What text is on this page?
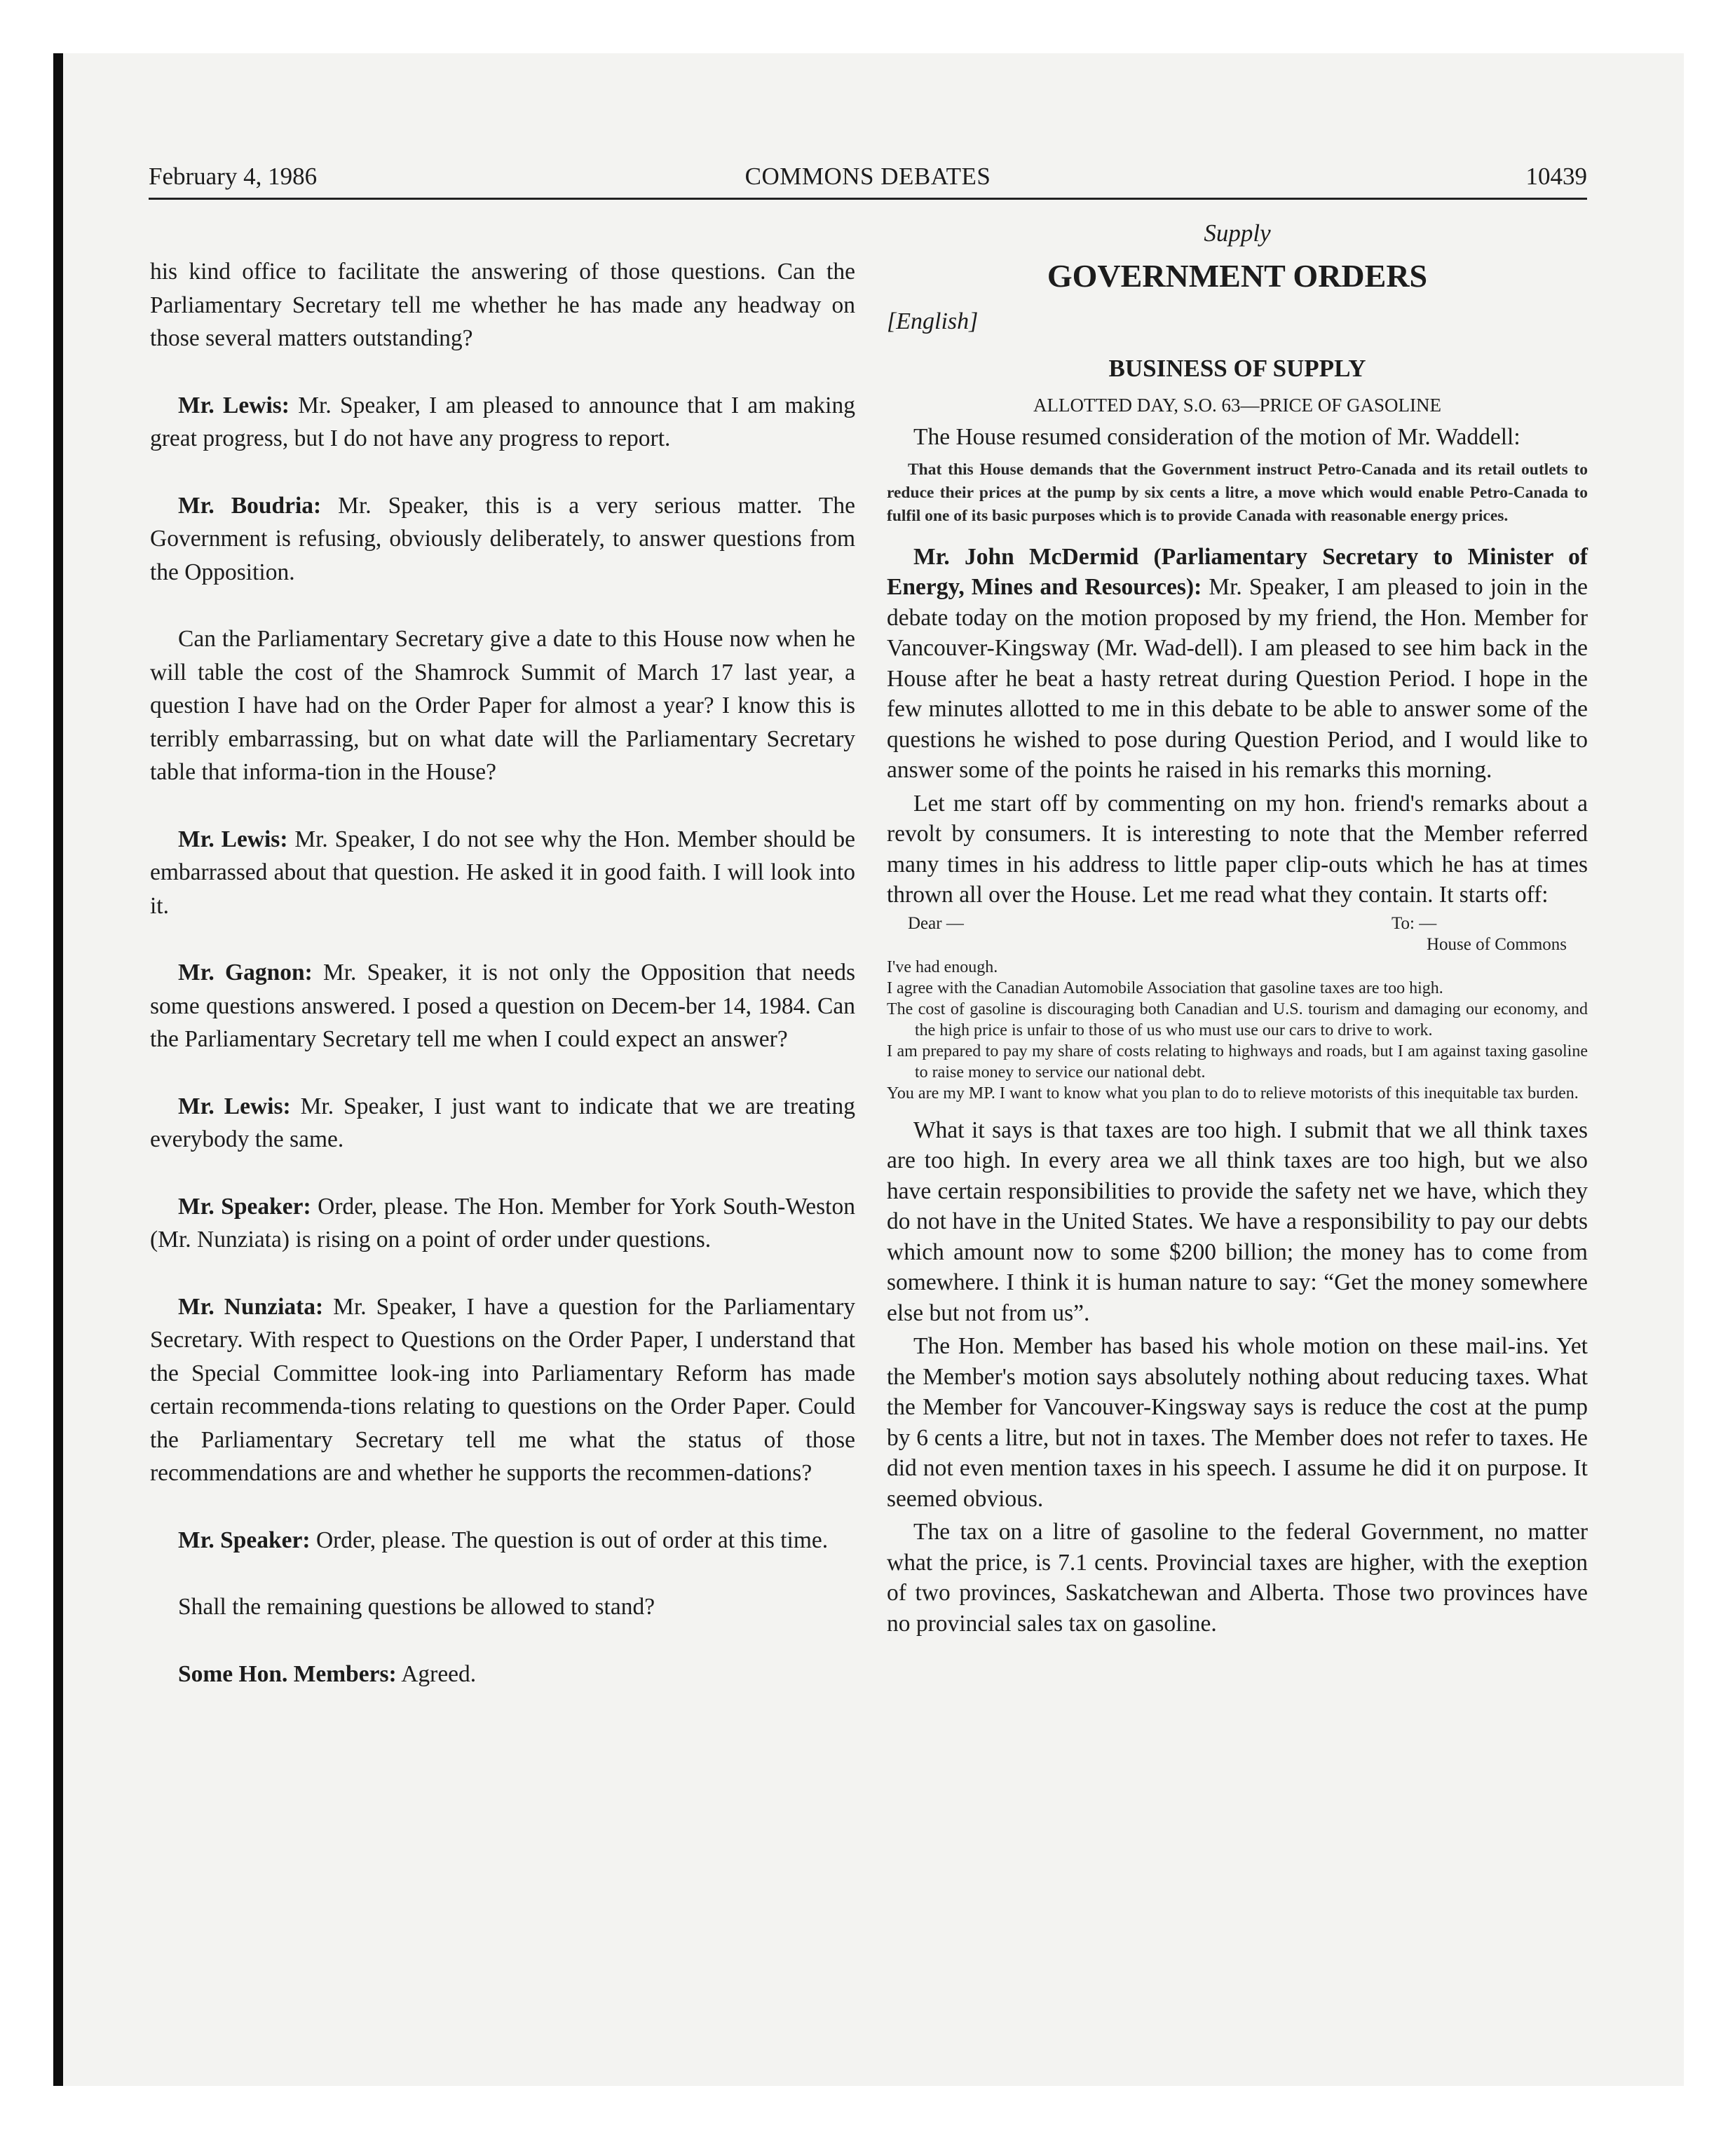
February 4, 1986	COMMONS DEBATES	10439

his kind office to facilitate the answering of those questions. Can the Parliamentary Secretary tell me whether he has made any headway on those several matters outstanding?

Mr. Lewis: Mr. Speaker, I am pleased to announce that I am making great progress, but I do not have any progress to report.

Mr. Boudria: Mr. Speaker, this is a very serious matter. The Government is refusing, obviously deliberately, to answer questions from the Opposition.

Can the Parliamentary Secretary give a date to this House now when he will table the cost of the Shamrock Summit of March 17 last year, a question I have had on the Order Paper for almost a year? I know this is terribly embarrassing, but on what date will the Parliamentary Secretary table that informa-tion in the House?

Mr. Lewis: Mr. Speaker, I do not see why the Hon. Member should be embarrassed about that question. He asked it in good faith. I will look into it.

Mr. Gagnon: Mr. Speaker, it is not only the Opposition that needs some questions answered. I posed a question on Decem-ber 14, 1984. Can the Parliamentary Secretary tell me when I could expect an answer?

Mr. Lewis: Mr. Speaker, I just want to indicate that we are treating everybody the same.

Mr. Speaker: Order, please. The Hon. Member for York South-Weston (Mr. Nunziata) is rising on a point of order under questions.

Mr. Nunziata: Mr. Speaker, I have a question for the Parliamentary Secretary. With respect to Questions on the Order Paper, I understand that the Special Committee look-ing into Parliamentary Reform has made certain recommenda-tions relating to questions on the Order Paper. Could the Parliamentary Secretary tell me what the status of those recommendations are and whether he supports the recommen-dations?

Mr. Speaker: Order, please. The question is out of order at this time.

Shall the remaining questions be allowed to stand?

Some Hon. Members: Agreed.

Supply

GOVERNMENT ORDERS

[English]

BUSINESS OF SUPPLY

ALLOTTED DAY, S.O. 63—PRICE OF GASOLINE

The House resumed consideration of the motion of Mr. Waddell:

That this House demands that the Government instruct Petro-Canada and its retail outlets to reduce their prices at the pump by six cents a litre, a move which would enable Petro-Canada to fulfil one of its basic purposes which is to provide Canada with reasonable energy prices.

Mr. John McDermid (Parliamentary Secretary to Minister of Energy, Mines and Resources): Mr. Speaker, I am pleased to join in the debate today on the motion proposed by my friend, the Hon. Member for Vancouver-Kingsway (Mr. Wad-dell). I am pleased to see him back in the House after he beat a hasty retreat during Question Period. I hope in the few minutes allotted to me in this debate to be able to answer some of the questions he wished to pose during Question Period, and I would like to answer some of the points he raised in his remarks this morning.

Let me start off by commenting on my hon. friend's remarks about a revolt by consumers. It is interesting to note that the Member referred many times in his address to little paper clip-outs which he has at times thrown all over the House. Let me read what they contain. It starts off:

Dear —	To: —
House of Commons

I've had enough.

I agree with the Canadian Automobile Association that gasoline taxes are too high.

The cost of gasoline is discouraging both Canadian and U.S. tourism and damaging our economy, and the high price is unfair to those of us who must use our cars to drive to work.

I am prepared to pay my share of costs relating to highways and roads, but I am against taxing gasoline to raise money to service our national debt.

You are my MP. I want to know what you plan to do to relieve motorists of this inequitable tax burden.

What it says is that taxes are too high. I submit that we all think taxes are too high. In every area we all think taxes are too high, but we also have certain responsibilities to provide the safety net we have, which they do not have in the United States. We have a responsibility to pay our debts which amount now to some $200 billion; the money has to come from somewhere. I think it is human nature to say: “Get the money somewhere else but not from us”.

The Hon. Member has based his whole motion on these mail-ins. Yet the Member's motion says absolutely nothing about reducing taxes. What the Member for Vancouver-Kingsway says is reduce the cost at the pump by 6 cents a litre, but not in taxes. The Member does not refer to taxes. He did not even mention taxes in his speech. I assume he did it on purpose. It seemed obvious.

The tax on a litre of gasoline to the federal Government, no matter what the price, is 7.1 cents. Provincial taxes are higher, with the exeption of two provinces, Saskatchewan and Alberta. Those two provinces have no provincial sales tax on gasoline.
